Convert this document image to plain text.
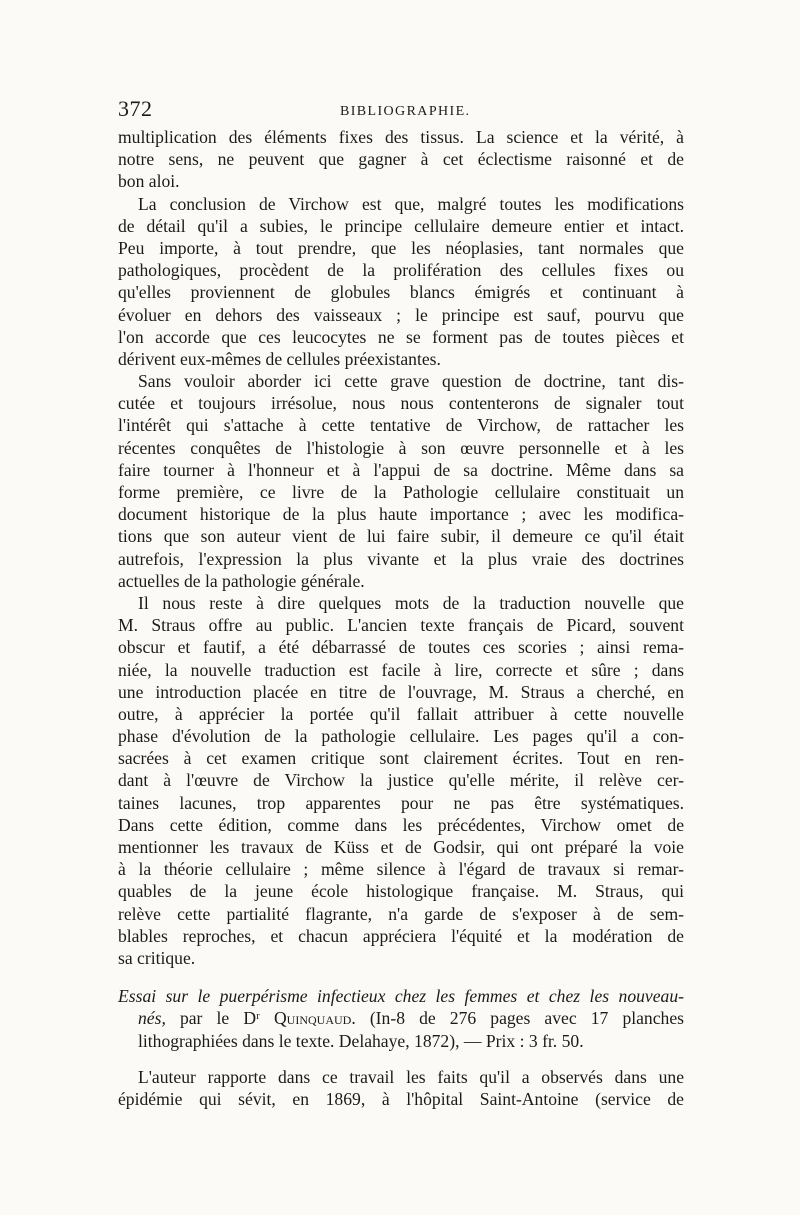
372	BIBLIOGRAPHIE.
multiplication des éléments fixes des tissus. La science et la vérité, à
notre sens, ne peuvent que gagner à cet éclectisme raisonné et de
bon aloi.
La conclusion de Virchow est que, malgré toutes les modifications
de détail qu'il a subies, le principe cellulaire demeure entier et intact.
Peu importe, à tout prendre, que les néoplasies, tant normales que
pathologiques, procèdent de la prolifération des cellules fixes ou
qu'elles proviennent de globules blancs émigrés et continuant à
évoluer en dehors des vaisseaux ; le principe est sauf, pourvu que
l'on accorde que ces leucocytes ne se forment pas de toutes pièces et
dérivent eux-mêmes de cellules préexistantes.
Sans vouloir aborder ici cette grave question de doctrine, tant dis-
cutée et toujours irrésolue, nous nous contenterons de signaler tout
l'intérêt qui s'attache à cette tentative de Virchow, de rattacher les
récentes conquêtes de l'histologie à son œuvre personnelle et à les
faire tourner à l'honneur et à l'appui de sa doctrine. Même dans sa
forme première, ce livre de la Pathologie cellulaire constituait un
document historique de la plus haute importance ; avec les modifica-
tions que son auteur vient de lui faire subir, il demeure ce qu'il était
autrefois, l'expression la plus vivante et la plus vraie des doctrines
actuelles de la pathologie générale.
Il nous reste à dire quelques mots de la traduction nouvelle que
M. Straus offre au public. L'ancien texte français de Picard, souvent
obscur et fautif, a été débarrassé de toutes ces scories ; ainsi rema-
niée, la nouvelle traduction est facile à lire, correcte et sûre ; dans
une introduction placée en titre de l'ouvrage, M. Straus a cherché, en
outre, à apprécier la portée qu'il fallait attribuer à cette nouvelle
phase d'évolution de la pathologie cellulaire. Les pages qu'il a con-
sacrées à cet examen critique sont clairement écrites. Tout en ren-
dant à l'œuvre de Virchow la justice qu'elle mérite, il relève cer-
taines lacunes, trop apparentes pour ne pas être systématiques.
Dans cette édition, comme dans les précédentes, Virchow omet de
mentionner les travaux de Küss et de Godsir, qui ont préparé la voie
à la théorie cellulaire ; même silence à l'égard de travaux si remar-
quables de la jeune école histologique française. M. Straus, qui
relève cette partialité flagrante, n'a garde de s'exposer à de sem-
blables reproches, et chacun appréciera l'équité et la modération de
sa critique.
Essai sur le puerpérisme infectieux chez les femmes et chez les nouveau-
nés, par le Dʳ Quinquaud. (In-8 de 276 pages avec 17 planches
lithographiées dans le texte. Delahaye, 1872), — Prix : 3 fr. 50.
L'auteur rapporte dans ce travail les faits qu'il a observés dans une
épidémie qui sévit, en 1869, à l'hôpital Saint-Antoine (service de
